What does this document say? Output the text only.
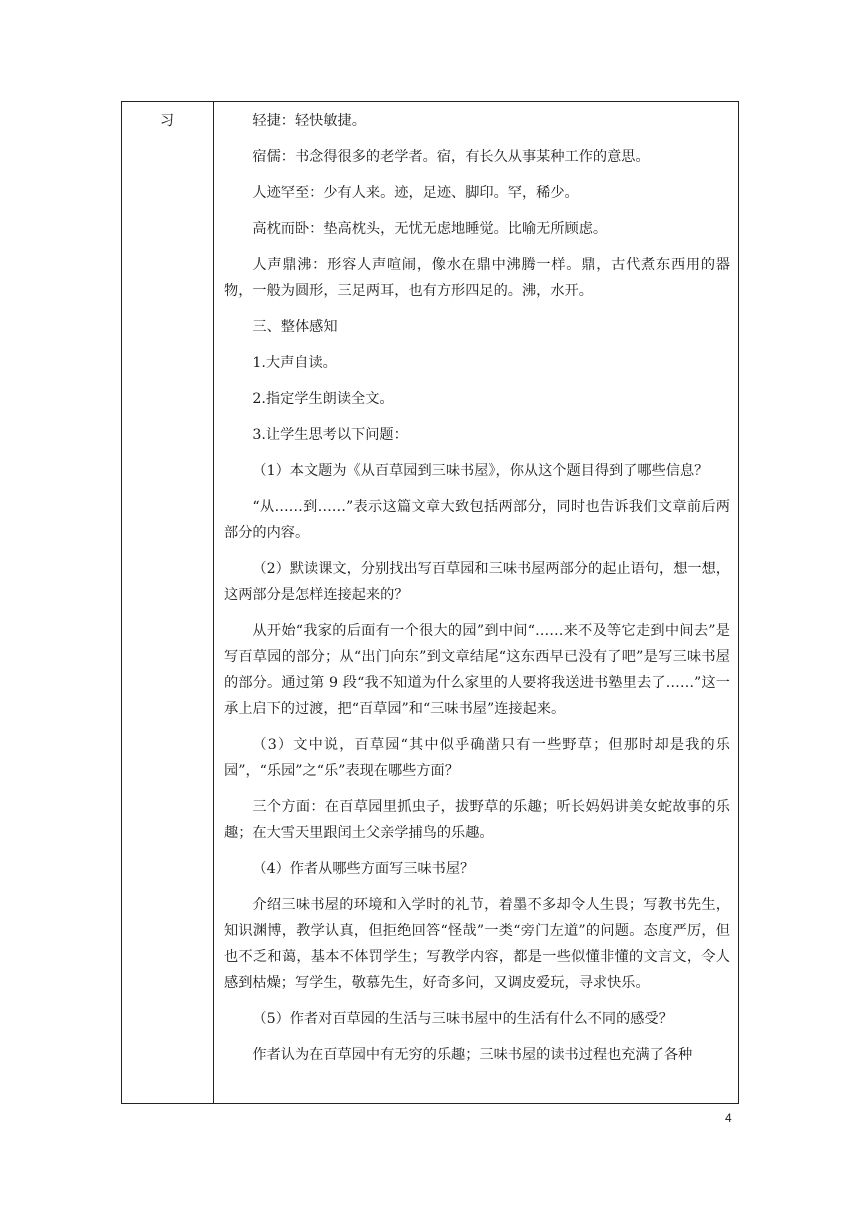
习	轻捷：轻快敏捷。

宿儒：书念得很多的老学者。宿，有长久从事某种工作的意思。

人迹罕至：少有人来。迹，足迹、脚印。罕，稀少。

高枕而卧：垫高枕头，无忧无虑地睡觉。比喻无所顾虑。

人声鼎沸：形容人声喧闹，像水在鼎中沸腾一样。鼎，古代煮东西用的器物，一般为圆形，三足两耳，也有方形四足的。沸，水开。

三、整体感知

1.大声自读。

2.指定学生朗读全文。

3.让学生思考以下问题：

（1）本文题为《从百草园到三味书屋》，你从这个题目得到了哪些信息？

“从……到……”表示这篇文章大致包括两部分，同时也告诉我们文章前后两部分的内容。

（2）默读课文，分别找出写百草园和三味书屋两部分的起止语句，想一想，这两部分是怎样连接起来的？

从开始“我家的后面有一个很大的园”到中间“……来不及等它走到中间去”是写百草园的部分；从“出门向东”到文章结尾“这东西早已没有了吧”是写三味书屋的部分。通过第 9 段“我不知道为什么家里的人要将我送进书塾里去了……”这一承上启下的过渡，把“百草园”和“三味书屋”连接起来。

（3）文中说，百草园“其中似乎确凿只有一些野草；但那时却是我的乐园”，“乐园”之“乐”表现在哪些方面？

三个方面：在百草园里抓虫子，拔野草的乐趣；听长妈妈讲美女蛇故事的乐趣；在大雪天里跟闰土父亲学捕鸟的乐趣。

（4）作者从哪些方面写三味书屋？

介绍三味书屋的环境和入学时的礼节，着墨不多却令人生畏；写教书先生，知识渊博，教学认真，但拒绝回答“怪哉”一类“旁门左道”的问题。态度严厉，但也不乏和蔼，基本不体罚学生；写教学内容，都是一些似懂非懂的文言文，令人感到枯燥；写学生，敬慕先生，好奇多问，又调皮爱玩，寻求快乐。

（5）作者对百草园的生活与三味书屋中的生活有什么不同的感受？

作者认为在百草园中有无穷的乐趣；三味书屋的读书过程也充满了各种

4
